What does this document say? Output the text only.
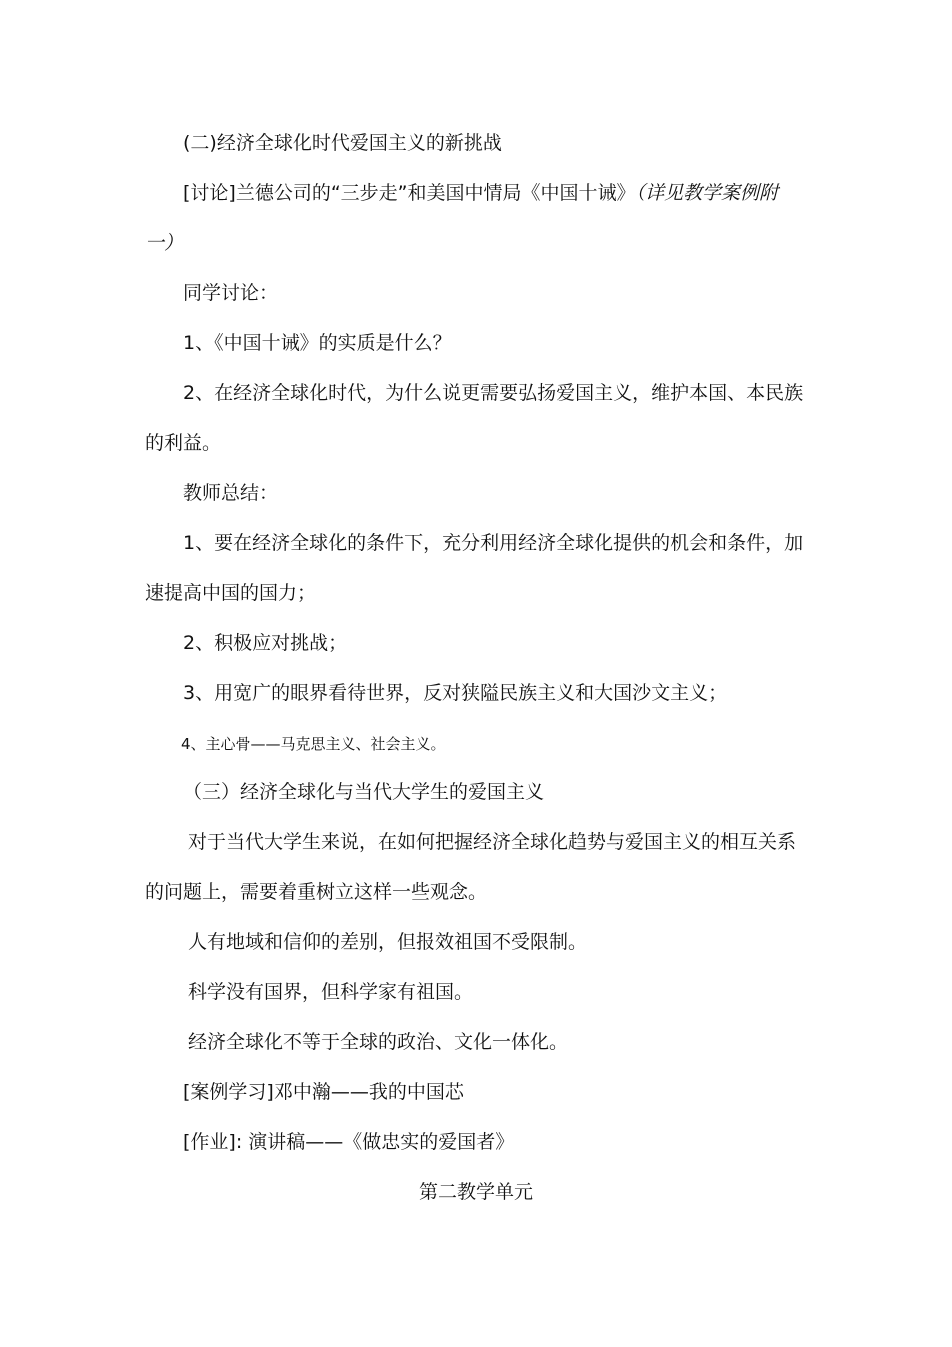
(二)经济全球化时代爱国主义的新挑战
[讨论]兰德公司的“三步走”和美国中情局《中国十诫》（详见教学案例附
一）
同学讨论：
1、《中国十诫》的实质是什么？
2、在经济全球化时代，为什么说更需要弘扬爱国主义，维护本国、本民族
的利益。
教师总结：
1、要在经济全球化的条件下，充分利用经济全球化提供的机会和条件，加
速提高中国的国力；
2、积极应对挑战；
3、用宽广的眼界看待世界，反对狭隘民族主义和大国沙文主义；
4、主心骨——马克思主义、社会主义。
（三）经济全球化与当代大学生的爱国主义
对于当代大学生来说，在如何把握经济全球化趋势与爱国主义的相互关系
的问题上，需要着重树立这样一些观念。
人有地域和信仰的差别，但报效祖国不受限制。
科学没有国界，但科学家有祖国。
经济全球化不等于全球的政治、文化一体化。
[案例学习]邓中瀚——我的中国芯
[作业]: 演讲稿——《做忠实的爱国者》
第二教学单元
